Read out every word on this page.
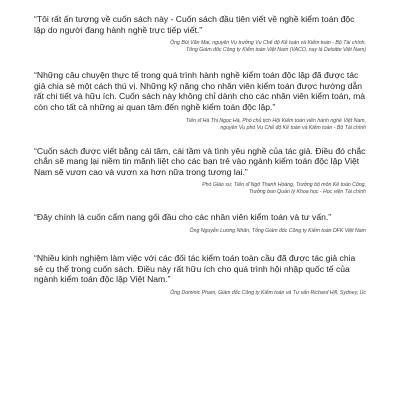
“Tôi rất ấn tượng về cuốn sách này - Cuốn sách đầu tiên viết về nghề kiểm toán độc lập do người đang hành nghề trực tiếp viết.”

Ông Bùi Văn Mai, nguyên Vụ trưởng Vụ Chế độ Kế toán và Kiểm toán - Bộ Tài chính,
Tổng Giám đốc Công ty Kiểm toán Việt Nam (VACO, nay là Deloitte Việt Nam)

“Những câu chuyện thực tế trong quá trình hành nghề kiểm toán độc lập đã được tác giả chia sẻ một cách thú vị. Những kỹ năng cho nhân viên kiểm toán được hướng dẫn rất chi tiết và hữu ích. Cuốn sách này không chỉ dành cho các nhân viên kiểm toán, mà còn cho tất cả những ai quan tâm đến nghề kiểm toán độc lập.”

Tiến sĩ Hà Thị Ngọc Hà, Phó chủ tịch Hội Kiểm toán viên hành nghề Việt Nam,
nguyên Vụ phó Vụ Chế độ Kế toán và Kiểm toán - Bộ Tài chính

“Cuốn sách được viết bằng cái tâm, cái tầm và tình yêu nghề của tác giả. Điều đó chắc chắn sẽ mang lại niềm tin mãnh liệt cho các bạn trẻ vào ngành kiểm toán độc lập Việt Nam sẽ vươn cao và vươn xa hơn nữa trong tương lai.”

Phó Giáo sư, Tiến sĩ Ngô Thanh Hoàng, Trưởng bộ môn Kế toán Công,
Trưởng ban Quản lý Khoa học - Học viện Tài chính

“Đây chính là cuốn cẩm nang gối đầu cho các nhân viên kiểm toán và tư vấn.”

Ông Nguyễn Lương Nhân, Tổng Giám đốc Công ty Kiểm toán DFK Việt Nam

“Nhiều kinh nghiệm làm việc với các đối tác kiểm toán toàn cầu đã được tác giả chia sẻ cụ thể trong cuốn sách. Điều này rất hữu ích cho quá trình hội nhập quốc tế của ngành kiểm toán độc lập Việt Nam.”

Ông Dominic Pham, Giám đốc Công ty Kiểm toán và Tư vấn Richard Hill, Sydney, Úc
